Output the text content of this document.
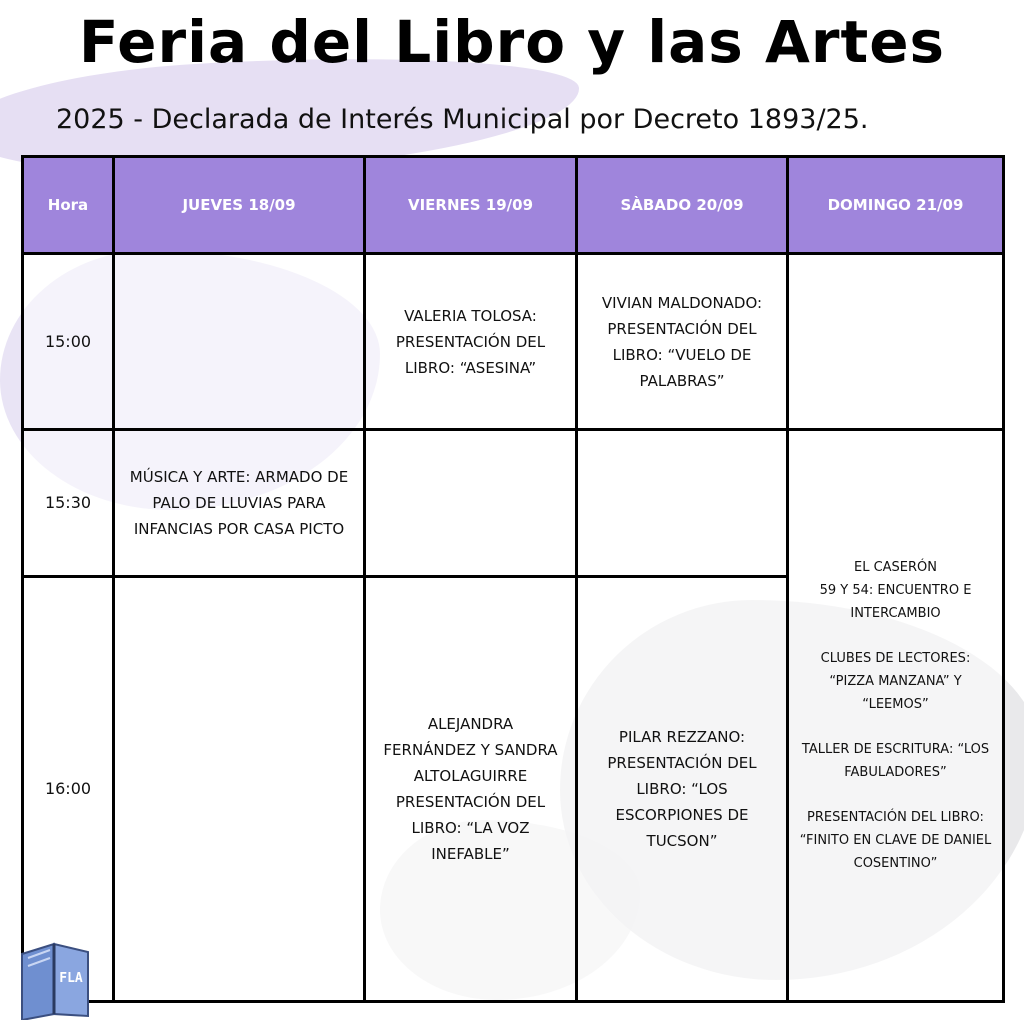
Feria del Libro y las Artes
2025 - Declarada de Interés Municipal por Decreto 1893/25.
Hora	JUEVES 18/09	VIERNES 19/09	SÀBADO 20/09	DOMINGO 21/09
15:00		VALERIA TOLOSA: PRESENTACIÓN DEL LIBRO: “ASESINA”	VIVIAN MALDONADO: PRESENTACIÓN DEL LIBRO: “VUELO DE PALABRAS”	
15:30	MÚSICA Y ARTE: ARMADO DE PALO DE LLUVIAS PARA INFANCIAS POR CASA PICTO			EL CASERÓN
59 Y 54: ENCUENTRO E INTERCAMBIO
CLUBES DE LECTORES: “PIZZA MANZANA” Y “LEEMOS”
TALLER DE ESCRITURA: “LOS FABULADORES”
PRESENTACIÓN DEL LIBRO: “FINITO EN CLAVE DE DANIEL COSENTINO”

16:00		ALEJANDRA FERNÁNDEZ Y SANDRA ALTOLAGUIRRE PRESENTACIÓN DEL LIBRO: “LA VOZ INEFABLE”	PILAR REZZANO: PRESENTACIÓN DEL LIBRO: “LOS ESCORPIONES DE TUCSON”	
FLA
